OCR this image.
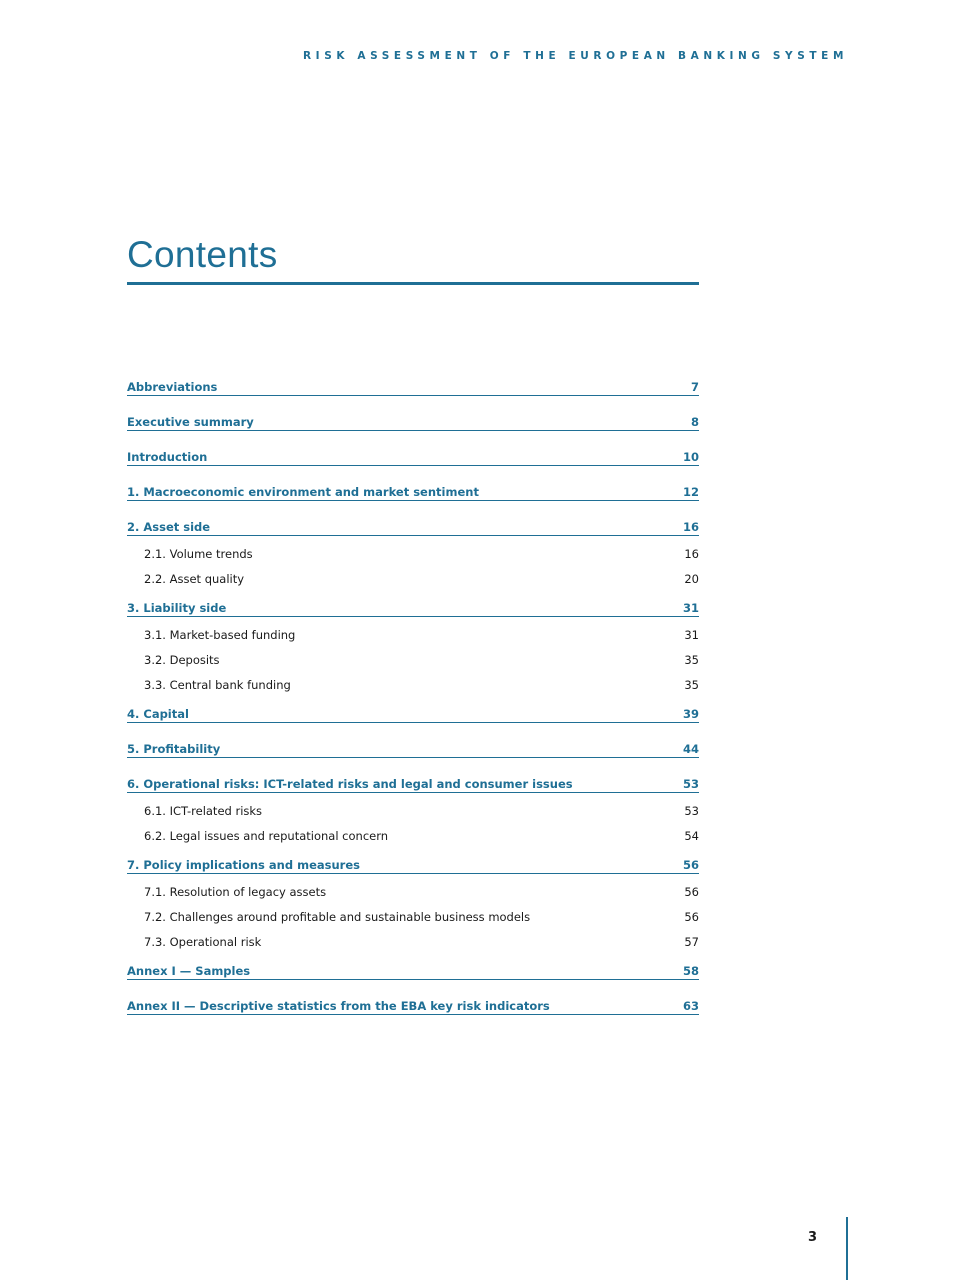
RISK ASSESSMENT OF THE EUROPEAN BANKING SYSTEM
Contents
Abbreviations	7
Executive summary	8
Introduction	10
1. Macroeconomic environment and market sentiment	12
2. Asset side	16
2.1. Volume trends	16
2.2. Asset quality	20
3. Liability side	31
3.1. Market-based funding	31
3.2. Deposits	35
3.3. Central bank funding	35
4. Capital	39
5. Profitability	44
6. Operational risks: ICT-related risks and legal and consumer issues	53
6.1. ICT-related risks	53
6.2. Legal issues and reputational concern	54
7. Policy implications and measures	56
7.1. Resolution of legacy assets	56
7.2. Challenges around profitable and sustainable business models	56
7.3. Operational risk	57
Annex I — Samples	58
Annex II — Descriptive statistics from the EBA key risk indicators	63
3
